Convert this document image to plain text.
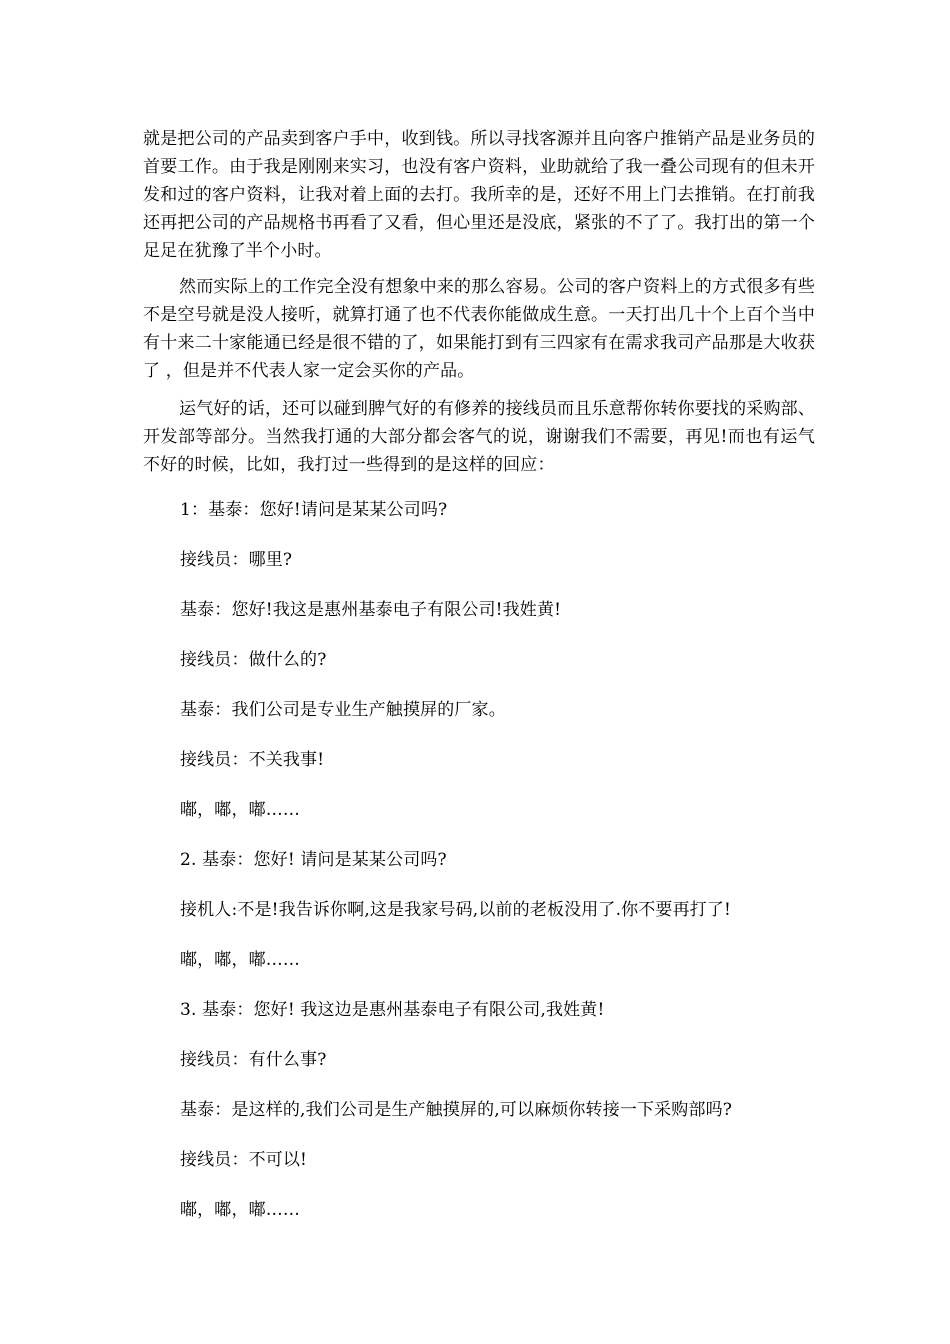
就是把公司的产品卖到客户手中，收到钱。所以寻找客源并且向客户推销产品是业务员的首要工作。由于我是刚刚来实习，也没有客户资料，业助就给了我一叠公司现有的但未开发和过的客户资料，让我对着上面的去打。我所幸的是，还好不用上门去推销。在打前我还再把公司的产品规格书再看了又看，但心里还是没底，紧张的不了了。我打出的第一个足足在犹豫了半个小时。

然而实际上的工作完全没有想象中来的那么容易。公司的客户资料上的方式很多有些不是空号就是没人接听，就算打通了也不代表你能做成生意。一天打出几十个上百个当中有十来二十家能通已经是很不错的了，如果能打到有三四家有在需求我司产品那是大收获了 ，但是并不代表人家一定会买你的产品。

运气好的话，还可以碰到脾气好的有修养的接线员而且乐意帮你转你要找的采购部、开发部等部分。当然我打通的大部分都会客气的说，谢谢我们不需要，再见!而也有运气不好的时候，比如，我打过一些得到的是这样的回应：

1：基泰：您好!请问是某某公司吗?

接线员：哪里?

基泰：您好!我这是惠州基泰电子有限公司!我姓黄!

接线员：做什么的?

基泰：我们公司是专业生产触摸屏的厂家。

接线员：不关我事!

嘟，嘟，嘟……

2. 基泰：您好! 请问是某某公司吗?

接机人:不是!我告诉你啊,这是我家号码,以前的老板没用了.你不要再打了!

嘟，嘟，嘟……

3. 基泰：您好! 我这边是惠州基泰电子有限公司,我姓黄!

接线员：有什么事?

基泰：是这样的,我们公司是生产触摸屏的,可以麻烦你转接一下采购部吗?

接线员：不可以!

嘟，嘟，嘟……
